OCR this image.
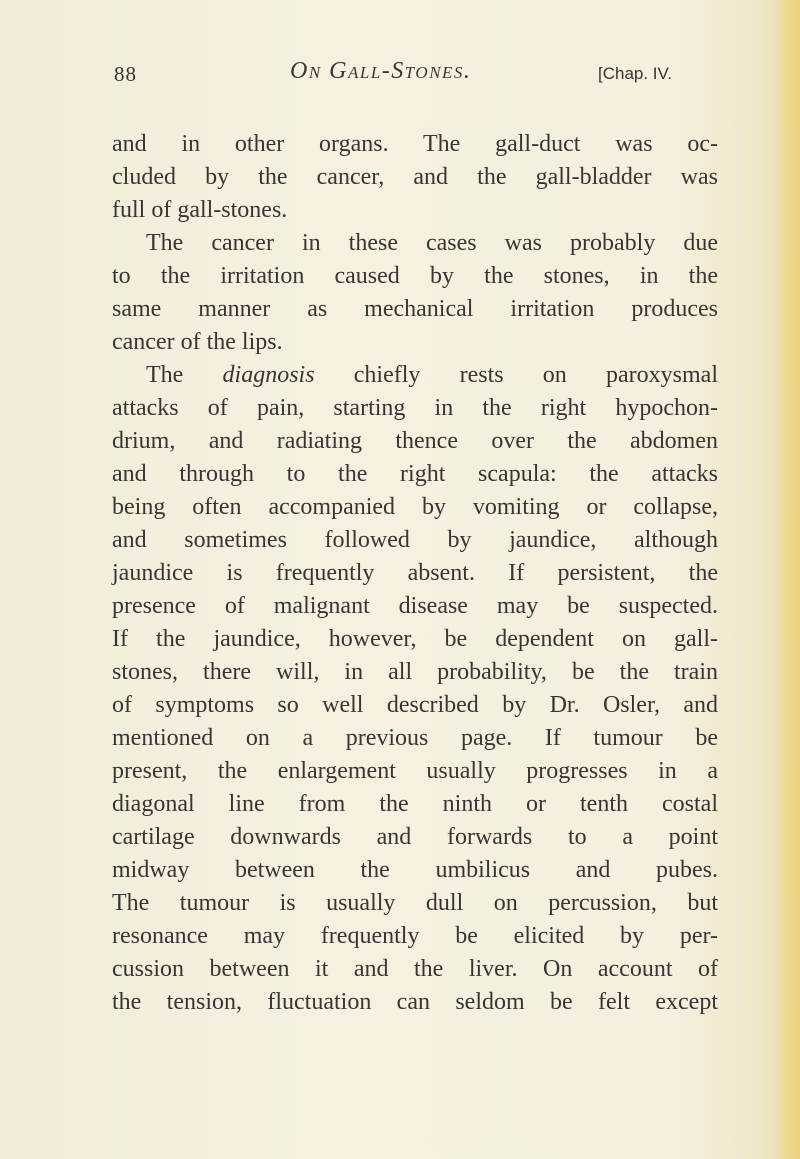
88	On Gall-Stones.	[Chap. IV.
and in other organs. The gall-duct was oc-
cluded by the cancer, and the gall-bladder was
full of gall-stones.
The cancer in these cases was probably due
to the irritation caused by the stones, in the
same manner as mechanical irritation produces
cancer of the lips.
The diagnosis chiefly rests on paroxysmal
attacks of pain, starting in the right hypochon-
drium, and radiating thence over the abdomen
and through to the right scapula: the attacks
being often accompanied by vomiting or collapse,
and sometimes followed by jaundice, although
jaundice is frequently absent. If persistent, the
presence of malignant disease may be suspected.
If the jaundice, however, be dependent on gall-
stones, there will, in all probability, be the train
of symptoms so well described by Dr. Osler, and
mentioned on a previous page. If tumour be
present, the enlargement usually progresses in a
diagonal line from the ninth or tenth costal
cartilage downwards and forwards to a point
midway between the umbilicus and pubes.
The tumour is usually dull on percussion, but
resonance may frequently be elicited by per-
cussion between it and the liver. On account of
the tension, fluctuation can seldom be felt except
